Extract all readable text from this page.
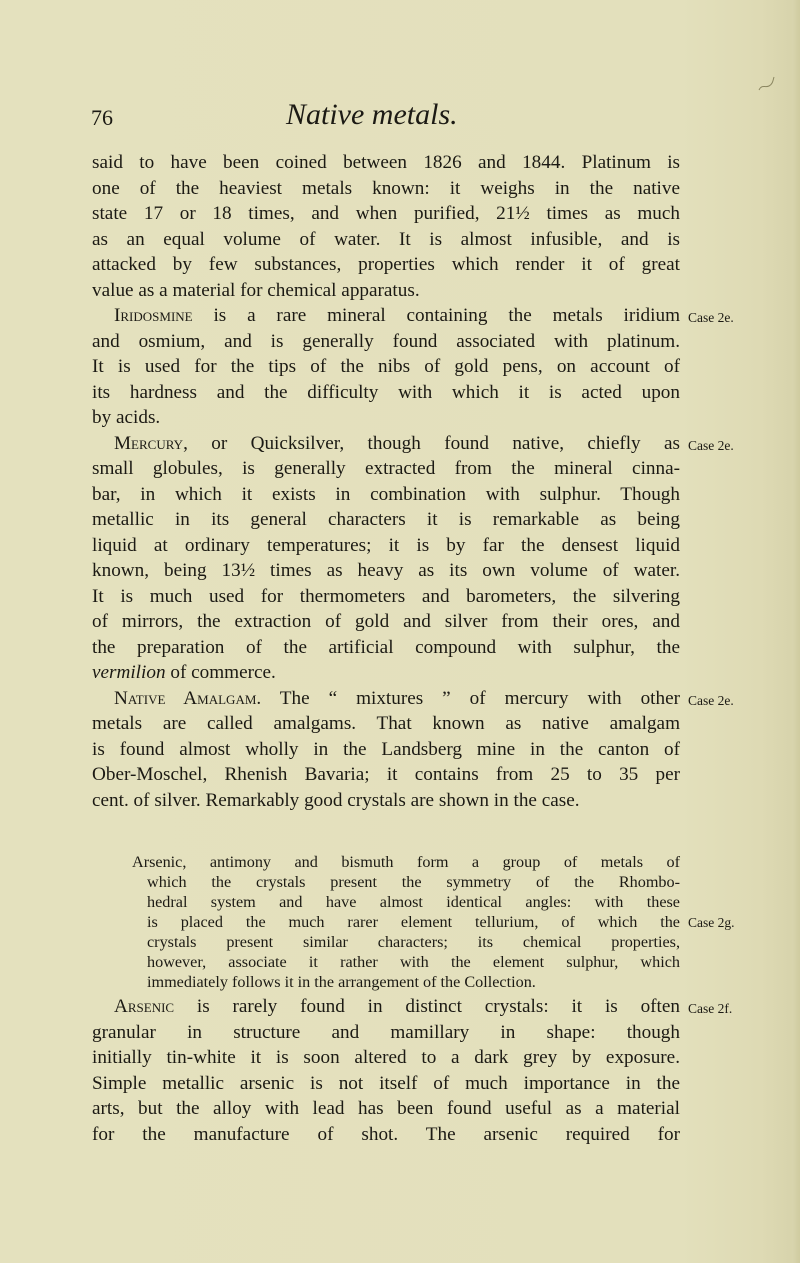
76	Native metals.
said to have been coined between 1826 and 1844. Platinum is
one of the heaviest metals known: it weighs in the native
state 17 or 18 times, and when purified, 21½ times as much
as an equal volume of water. It is almost infusible, and is
attacked by few substances, properties which render it of great
value as a material for chemical apparatus.
Iridosmine is a rare mineral containing the metals iridium Case 2e.
and osmium, and is generally found associated with platinum.
It is used for the tips of the nibs of gold pens, on account of
its hardness and the difficulty with which it is acted upon
by acids.
Mercury, or Quicksilver, though found native, chiefly as Case 2e.
small globules, is generally extracted from the mineral cinna-
bar, in which it exists in combination with sulphur. Though
metallic in its general characters it is remarkable as being
liquid at ordinary temperatures; it is by far the densest liquid
known, being 13½ times as heavy as its own volume of water.
It is much used for thermometers and barometers, the silvering
of mirrors, the extraction of gold and silver from their ores, and
the preparation of the artificial compound with sulphur, the
vermilion of commerce.
Native Amalgam. The “ mixtures ” of mercury with other Case 2e.
metals are called amalgams. That known as native amalgam
is found almost wholly in the Landsberg mine in the canton of
Ober-Moschel, Rhenish Bavaria; it contains from 25 to 35 per
cent. of silver. Remarkably good crystals are shown in the case.
Arsenic, antimony and bismuth form a group of metals of
which the crystals present the symmetry of the Rhombo-
hedral system and have almost identical angles: with these
is placed the much rarer element tellurium, of which the Case 2g.
crystals present similar characters; its chemical properties,
however, associate it rather with the element sulphur, which
immediately follows it in the arrangement of the Collection.
Arsenic is rarely found in distinct crystals: it is often Case 2f.
granular in structure and mamillary in shape: though
initially tin-white it is soon altered to a dark grey by exposure.
Simple metallic arsenic is not itself of much importance in the
arts, but the alloy with lead has been found useful as a material
for the manufacture of shot. The arsenic required for
